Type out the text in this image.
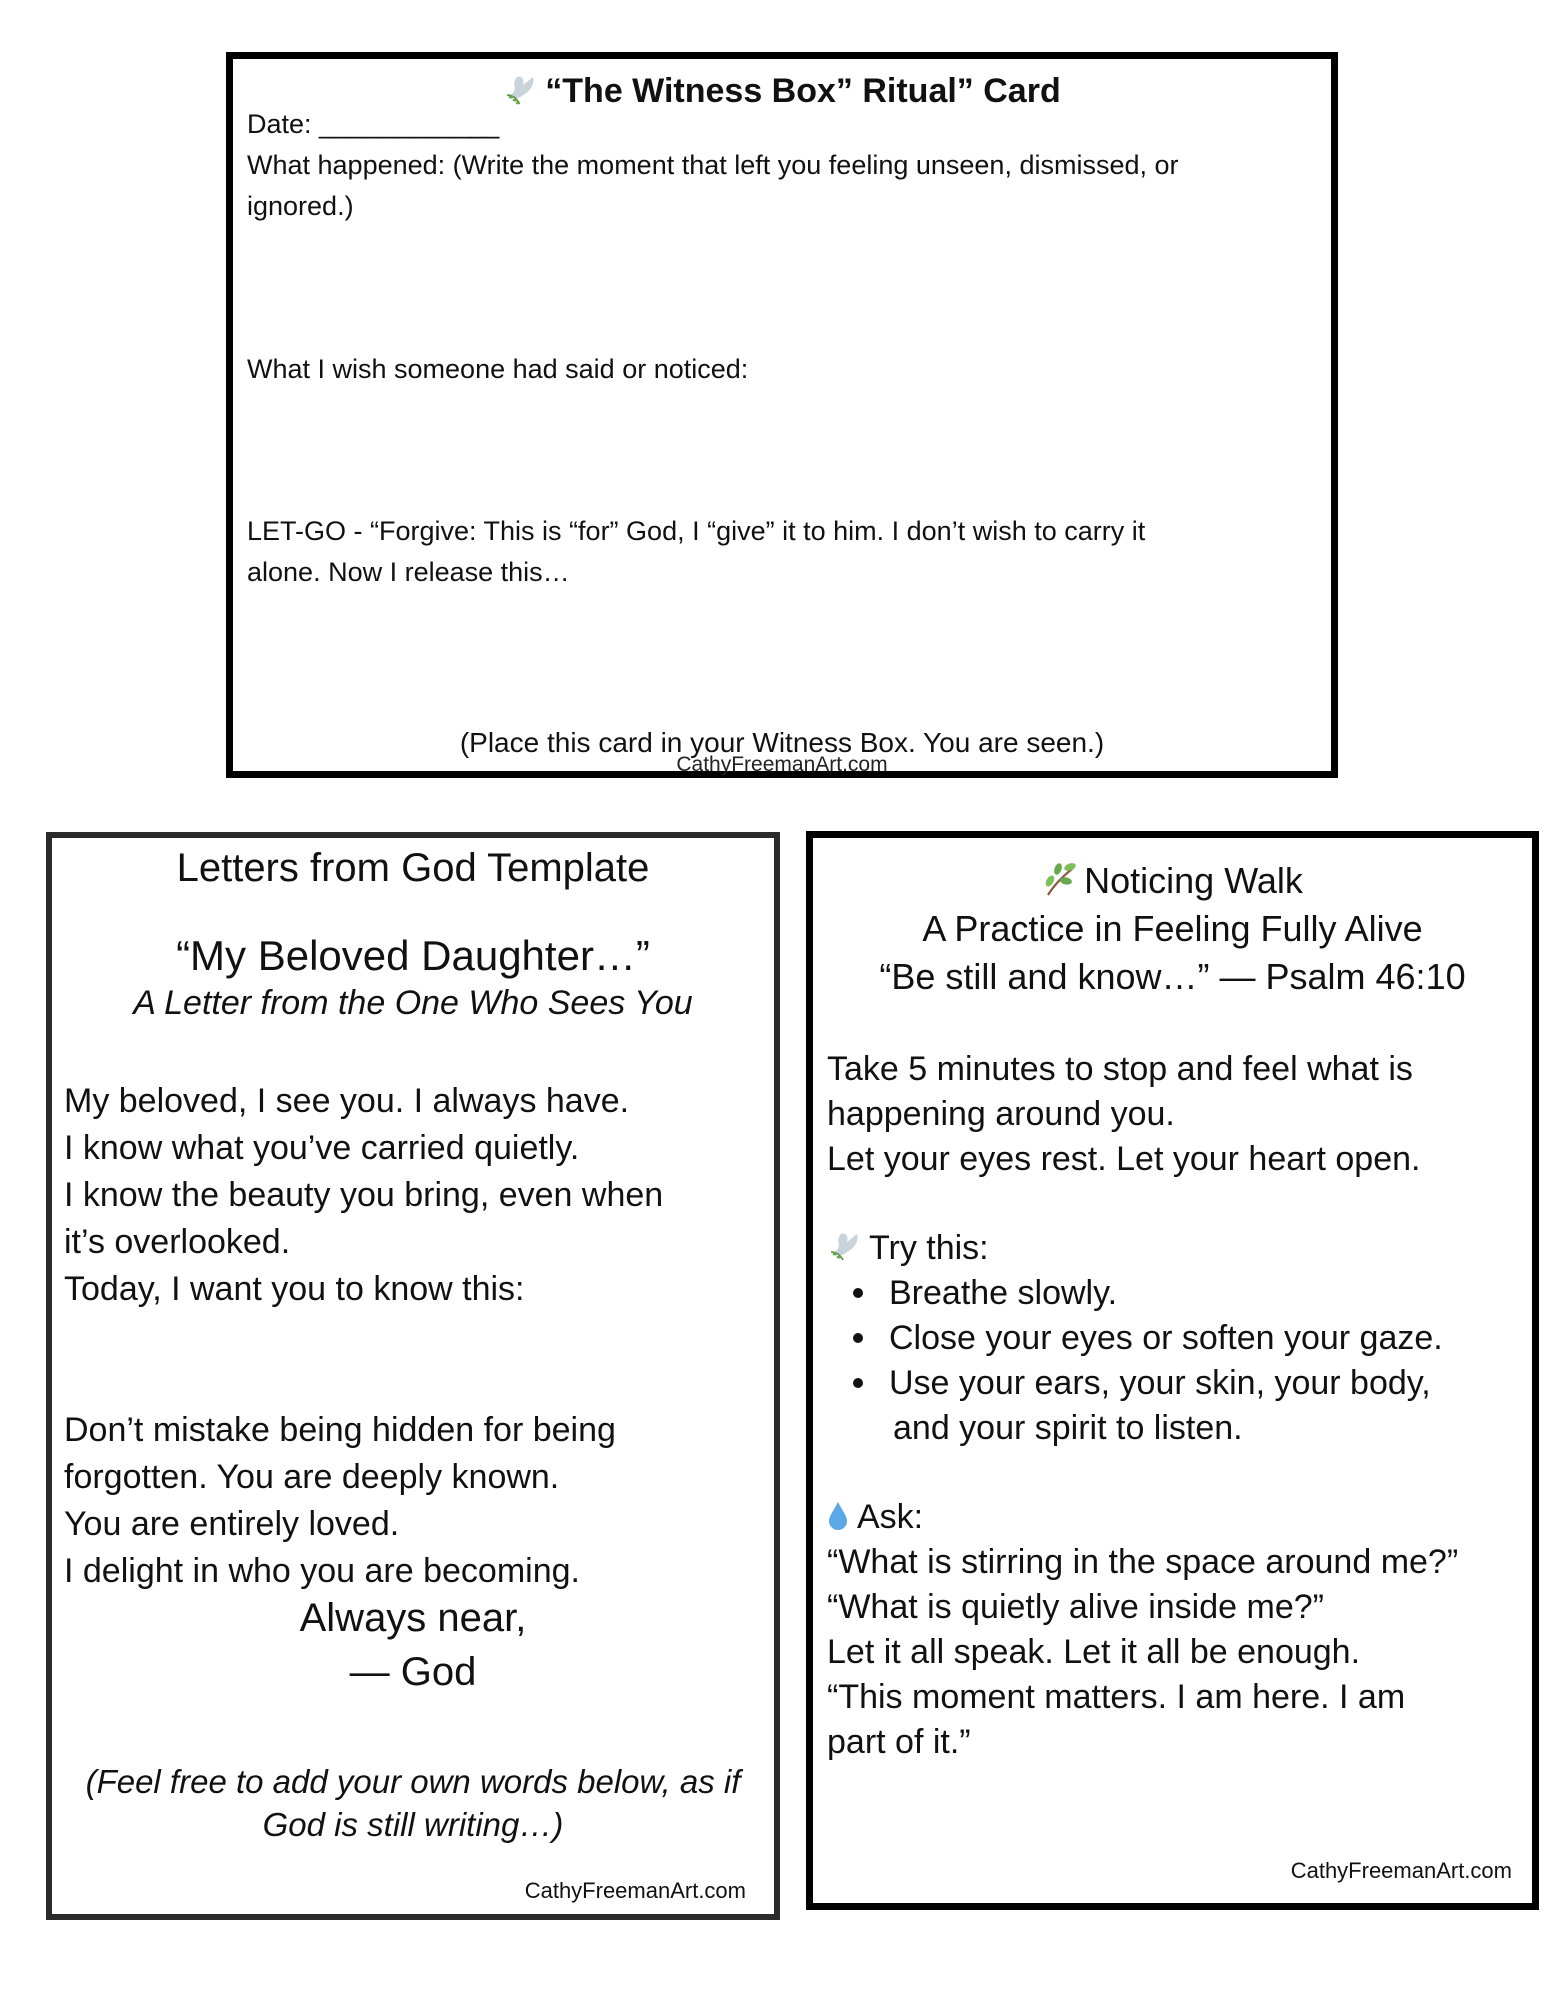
“The Witness Box” Ritual” Card
Date: ____________
What happened: (Write the moment that left you feeling unseen, dismissed, or
ignored.)
What I wish someone had said or noticed:
LET-GO - “Forgive: This is “for” God, I “give” it to him. I don’t wish to carry it
alone. Now I release this…
(Place this card in your Witness Box. You are seen.)
CathyFreemanArt.com
Letters from God Template
“My Beloved Daughter…”
A Letter from the One Who Sees You
My beloved, I see you. I always have.
I know what you’ve carried quietly.
I know the beauty you bring, even when
it’s overlooked.
Today, I want you to know this:
Don’t mistake being hidden for being
forgotten. You are deeply known.
You are entirely loved.
I delight in who you are becoming.
Always near,
— God
(Feel free to add your own words below, as if
God is still writing…)
CathyFreemanArt.com
Noticing Walk
A Practice in Feeling Fully Alive
“Be still and know…” — Psalm 46:10
Take 5 minutes to stop and feel what is
happening around you.
Let your eyes rest. Let your heart open.
Try this:
Breathe slowly.
Close your eyes or soften your gaze.
Use your ears, your skin, your body,
and your spirit to listen.
Ask:
“What is stirring in the space around me?”
“What is quietly alive inside me?”
Let it all speak. Let it all be enough.
“This moment matters. I am here. I am
part of it.”
CathyFreemanArt.com
